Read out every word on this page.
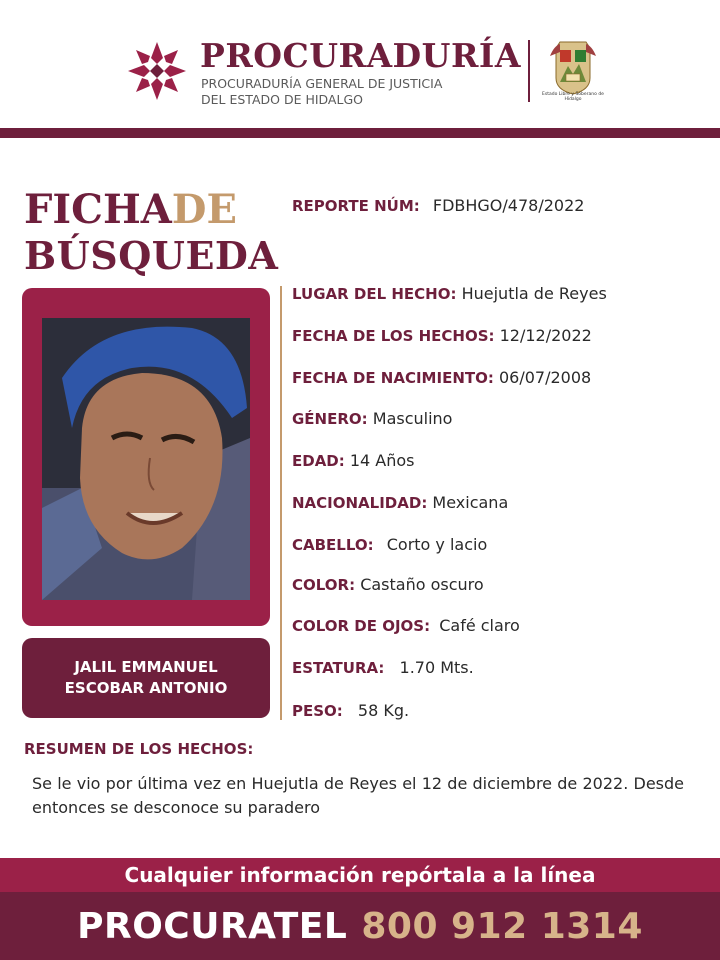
PROCURADURÍA
PROCURADURÍA GENERAL DE JUSTICIA
DEL ESTADO DE HIDALGO	Estado Libre y Soberano de Hidalgo
FICHADE
BÚSQUEDA
JALIL EMMANUEL
ESCOBAR ANTONIO
REPORTE NÚM: FDBHGO/478/2022
LUGAR DEL HECHO: Huejutla de Reyes
FECHA DE LOS HECHOS: 12/12/2022
FECHA DE NACIMIENTO: 06/07/2008
GÉNERO: Masculino
EDAD: 14 Años
NACIONALIDAD: Mexicana
CABELLO: Corto y lacio
COLOR: Castaño oscuro
COLOR DE OJOS: Café claro
ESTATURA: 1.70 Mts.
PESO: 58 Kg.
RESUMEN DE LOS HECHOS:
Se le vio por última vez en Huejutla de Reyes el 12 de diciembre de 2022. Desde entonces se desconoce su paradero
Cualquier información repórtala a la línea
PROCURATEL 800 912 1314
